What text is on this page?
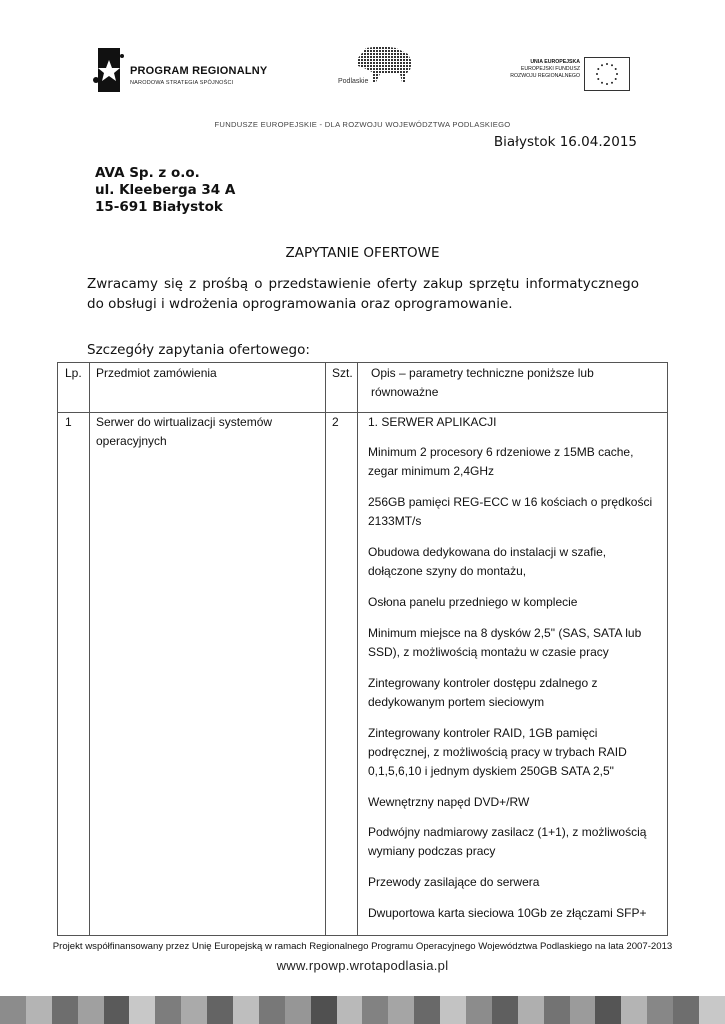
PROGRAM REGIONALNY
NARODOWA STRATEGIA SPÓJNOŚCI	Podlaskie
UNIA EUROPEJSKA
EUROPEJSKI FUNDUSZ
ROZWOJU REGIONALNEGO
FUNDUSZE EUROPEJSKIE - DLA ROZWOJU WOJEWÓDZTWA PODLASKIEGO
Białystok 16.04.2015
AVA Sp. z o.o.
ul. Kleeberga 34 A
15-691 Białystok
ZAPYTANIE OFERTOWE
Zwracamy się z prośbą o przedstawienie oferty zakup sprzętu informatycznego do obsługi i wdrożenia oprogramowania oraz oprogramowanie.
Szczegóły zapytania ofertowego:
Lp. Przedmiot zamówienia	Szt. Opis – parametry techniczne poniższe lub równoważne
1 Serwer do wirtualizacji systemów operacyjnych
2 1. SERWER APLIKACJI
Minimum 2 procesory 6 rdzeniowe z 15MB cache, zegar minimum 2,4GHz
256GB pamięci REG-ECC w 16 kościach o prędkości 2133MT/s
Obudowa dedykowana do instalacji w szafie, dołączone szyny do montażu,
Osłona panelu przedniego w komplecie
Minimum miejsce na 8 dysków 2,5" (SAS, SATA lub SSD), z możliwością montażu w czasie pracy
Zintegrowany kontroler dostępu zdalnego z dedykowanym portem sieciowym
Zintegrowany kontroler RAID, 1GB pamięci podręcznej, z możliwością pracy w trybach RAID 0,1,5,6,10 i jednym dyskiem 250GB SATA 2,5"
Wewnętrzny napęd DVD+/RW
Podwójny nadmiarowy zasilacz (1+1), z możliwością wymiany podczas pracy
Przewody zasilające do serwera
Dwuportowa karta sieciowa 10Gb ze złączami SFP+
Projekt współfinansowany przez Unię Europejską w ramach Regionalnego Programu Operacyjnego Województwa Podlaskiego na lata 2007-2013
www.rpowp.wrotapodlasia.pl
